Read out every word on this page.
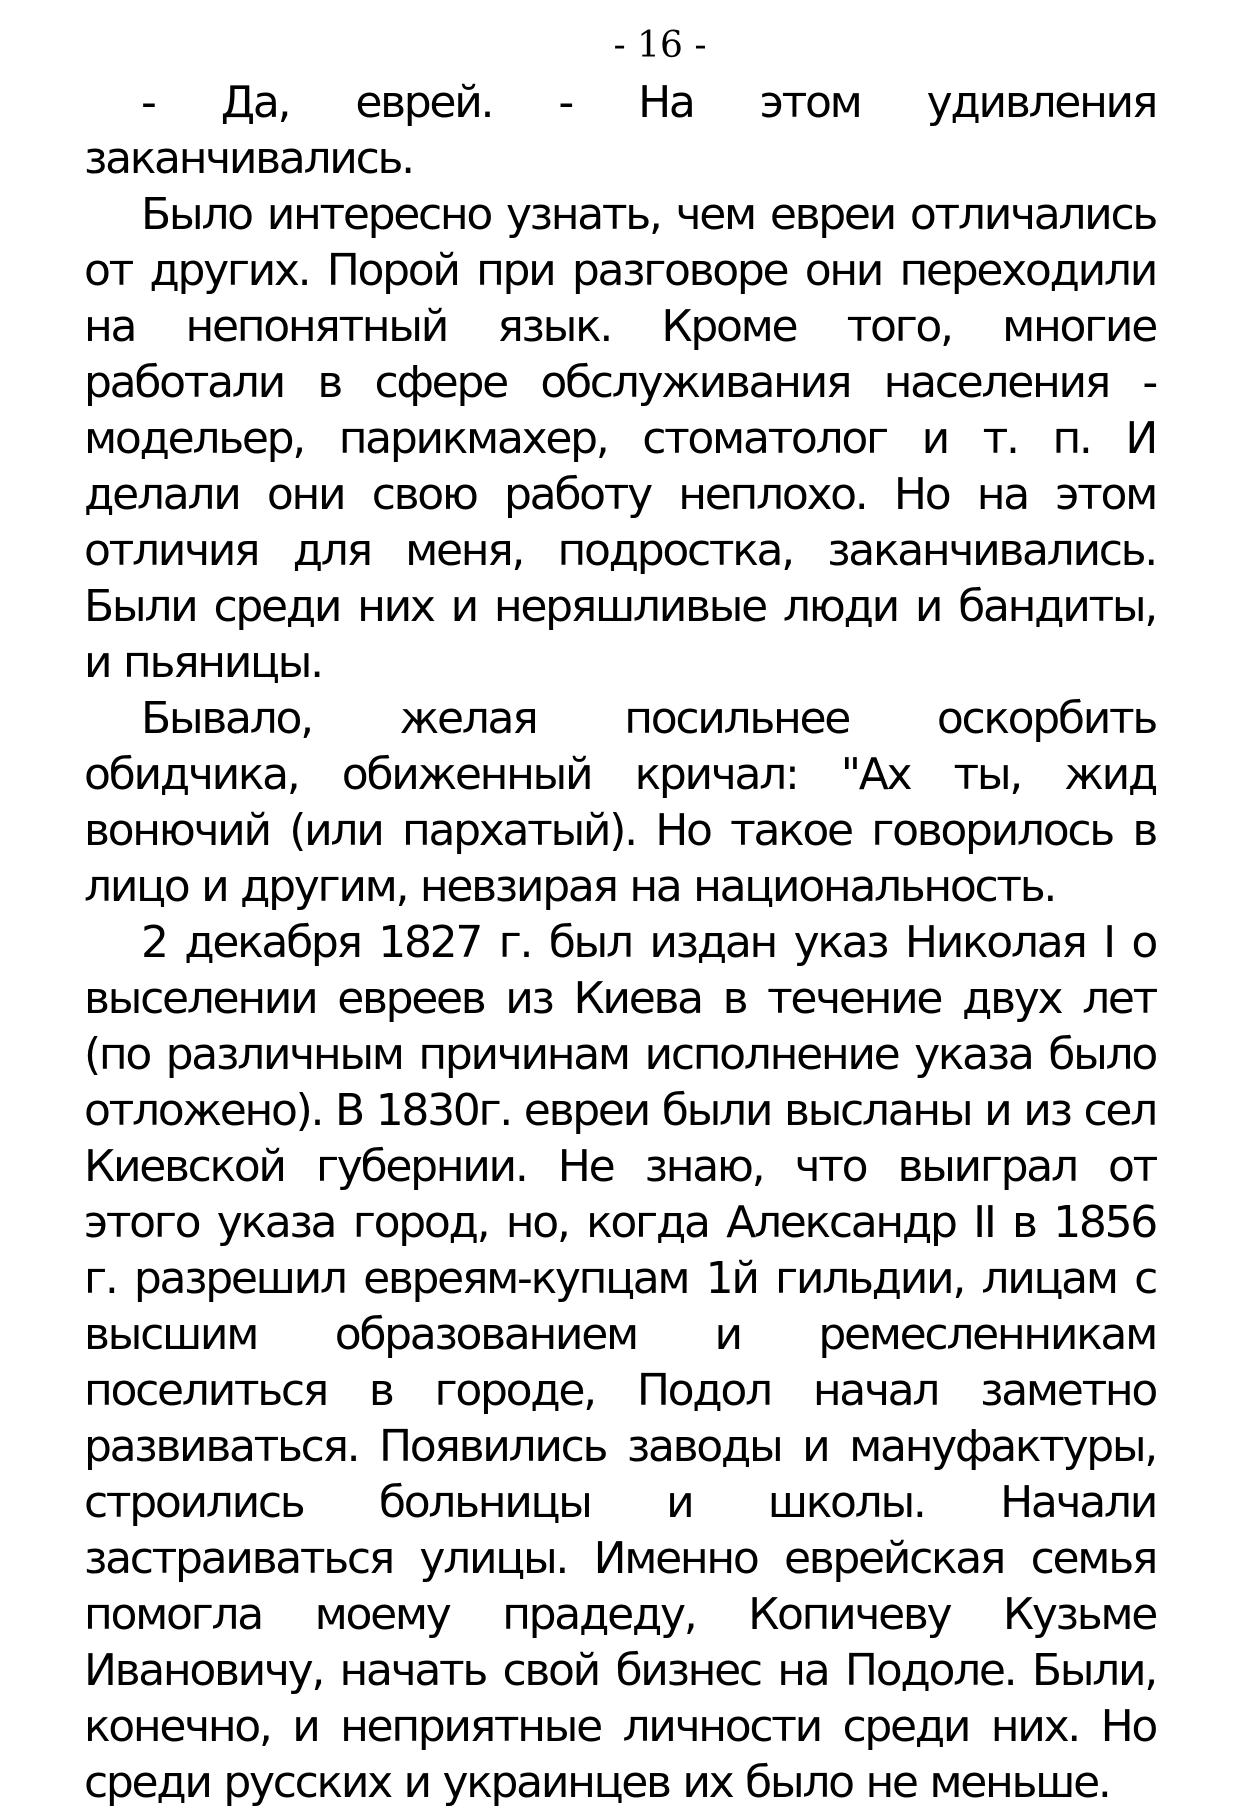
- 16 -

- Да, еврей. - На этом удивления заканчивались.

Было интересно узнать, чем евреи отличались от других. Порой при разговоре они переходили на непонятный язык. Кроме того, многие работали в сфере обслуживания населения - модельер, парикмахер, стоматолог и т. п. И делали они свою работу неплохо. Но на этом отличия для меня, подростка, заканчивались. Были среди них и неряшливые люди и бандиты, и пьяницы.

Бывало, желая посильнее оскорбить обидчика, обиженный кричал: "Ах ты, жид вонючий (или пархатый). Но такое говорилось в лицо и другим, невзирая на национальность.

2 декабря 1827 г. был издан указ Николая I о выселении евреев из Киева в течение двух лет (по различным причинам исполнение указа было отложено). В 1830г. евреи были высланы и из сел Киевской губернии. Не знаю, что выиграл от этого указа город, но, когда Александр II в 1856 г. разрешил евреям-купцам 1й гильдии, лицам с высшим образованием и ремесленникам поселиться в городе, Подол начал заметно развиваться. Появились заводы и мануфактуры, строились больницы и школы. Начали застраиваться улицы. Именно еврейская семья помогла моему прадеду, Копичеву Кузьме Ивановичу, начать свой бизнес на Подоле. Были, конечно, и неприятные личности среди них. Но среди русских и украинцев их было не меньше.
